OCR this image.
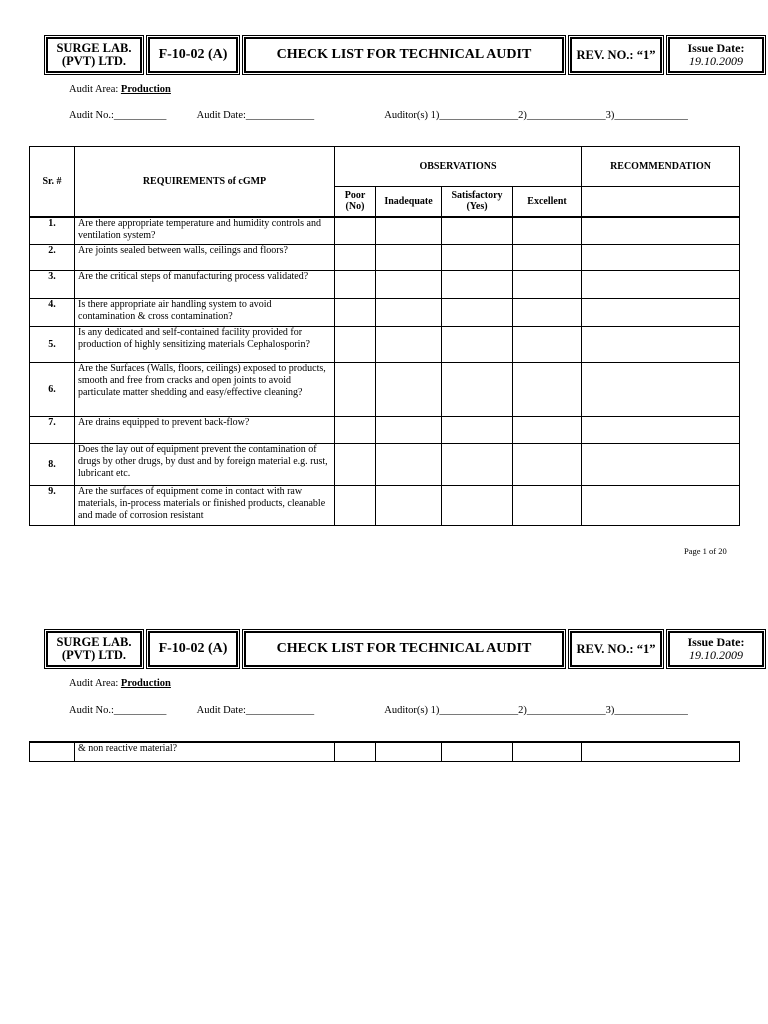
SURGE LAB.
(PVT) LTD. F-10-02 (A)	CHECK LIST FOR TECHNICAL AUDIT	REV. NO.: “1”	Issue Date:
19.10.2009
Audit Area: Production
Audit No.:__________	Audit Date:_____________	Auditor(s) 1)_______________2)_______________3)______________
Sr. #	REQUIREMENTS of cGMP	OBSERVATIONS				RECOMMENDATION
		Poor (No)	Inadequate	Satisfactory (Yes)	Excellent	
1.	Are there appropriate temperature and humidity controls and ventilation system?					
2.	Are joints sealed between walls, ceilings and floors?					
3.	Are the critical steps of manufacturing process validated?					
4.	Is there appropriate air handling system to avoid contamination & cross contamination?					
5.	Is any dedicated and self-contained facility provided for production of highly sensitizing materials Cephalosporin?					
6.	Are the Surfaces (Walls, floors, ceilings) exposed to products, smooth and free from cracks and open joints to avoid particulate matter shedding and easy/effective cleaning?					
7.	Are drains equipped to prevent back-flow?					
8.	Does the lay out of equipment prevent the contamination of drugs by other drugs, by dust and by foreign material e.g. rust, lubricant etc.					
9.	Are the surfaces of equipment come in contact with raw materials, in-process materials or finished products, cleanable and made of corrosion resistant					
Page 1 of 20
SURGE LAB.
(PVT) LTD. F-10-02 (A)	CHECK LIST FOR TECHNICAL AUDIT	REV. NO.: “1”	Issue Date:
19.10.2009
Audit Area: Production
Audit No.:__________	Audit Date:_____________	Auditor(s) 1)_______________2)_______________3)______________
	& non reactive material?					
